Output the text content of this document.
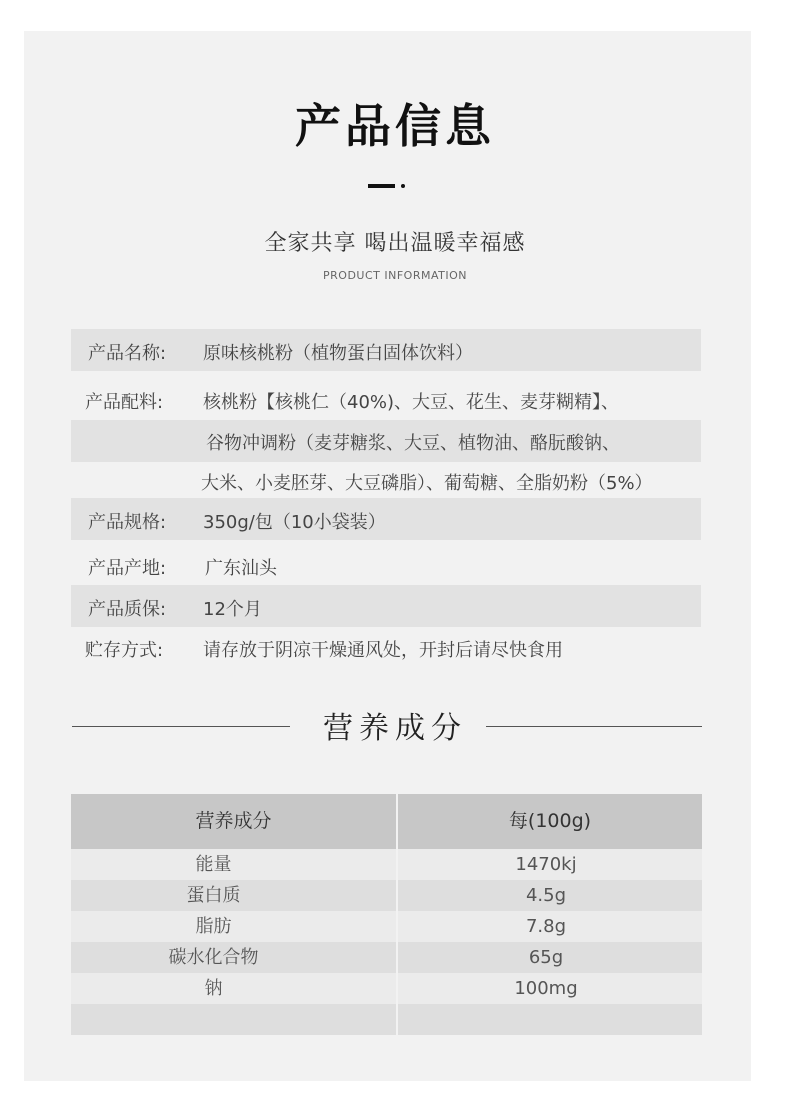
产品信息
全家共享 喝出温暖幸福感
PRODUCT INFORMATION
产品名称: 原味核桃粉（植物蛋白固体饮料）
产品配料: 核桃粉【核桃仁（40%)、大豆、花生、麦芽糊精】、
谷物冲调粉（麦芽糖浆、大豆、植物油、酪朊酸钠、
大米、小麦胚芽、大豆磷脂）、葡萄糖、全脂奶粉（5%）
产品规格: 350g/包（10小袋装）
产品产地: 广东汕头
产品质保: 12个月
贮存方式: 请存放于阴凉干燥通风处，开封后请尽快食用
营养成分
营养成分	每(100g)
能量	1470kj
蛋白质	4.5g
脂肪	7.8g
碳水化合物	65g
钠	100mg
